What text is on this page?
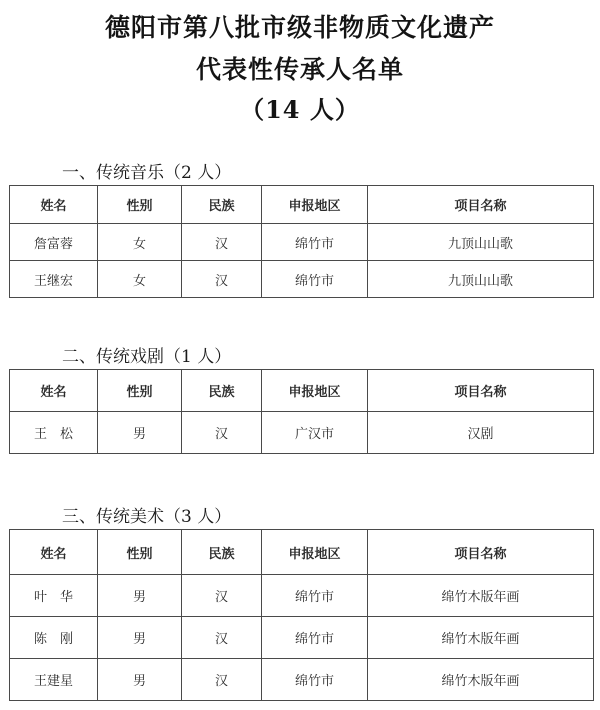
德阳市第八批市级非物质文化遗产
代表性传承人名单
（14 人）
一、传统音乐（2 人）
姓名	性别	民族	申报地区	项目名称
詹富蓉	女	汉	绵竹市	九顶山山歌
王继宏	女	汉	绵竹市	九顶山山歌
二、传统戏剧（1 人）
姓名	性别	民族	申报地区	项目名称
王　松	男	汉	广汉市	汉剧
三、传统美术（3 人）
姓名	性别	民族	申报地区	项目名称
叶　华	男	汉	绵竹市	绵竹木版年画
陈　刚	男	汉	绵竹市	绵竹木版年画
王建星	男	汉	绵竹市	绵竹木版年画
